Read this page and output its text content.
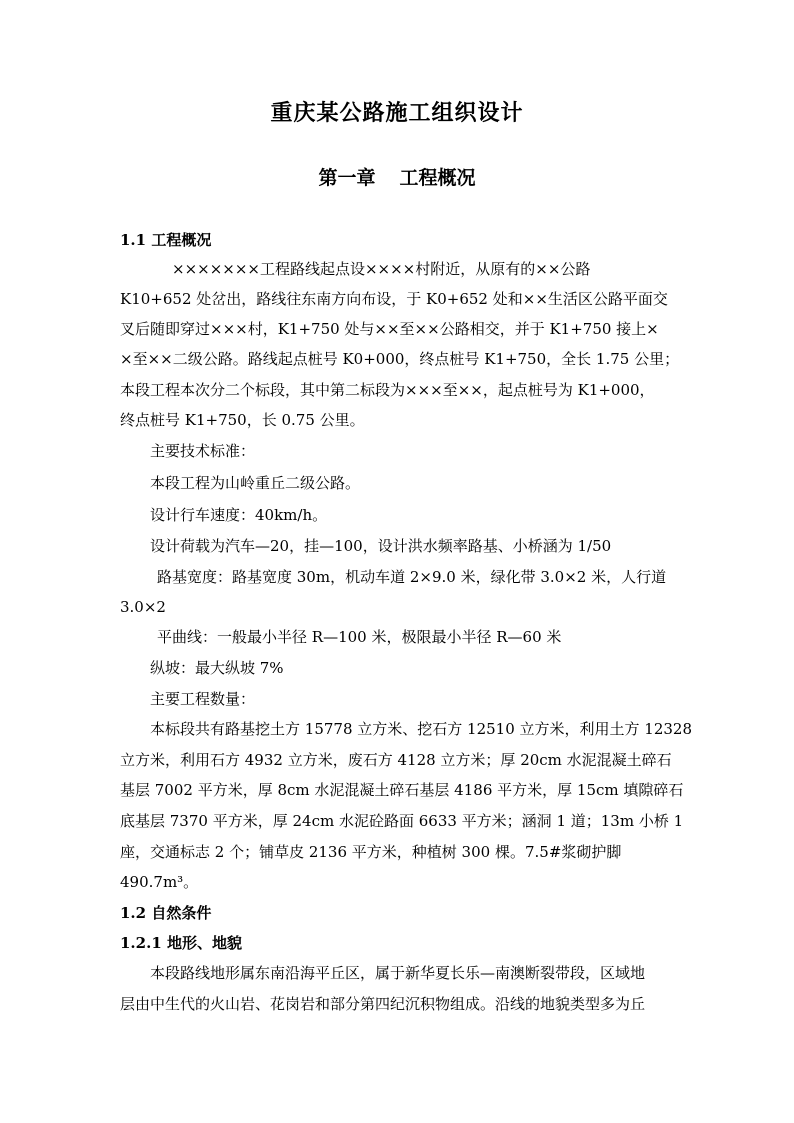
重庆某公路施工组织设计
第一章 工程概况
1.1 工程概况
×××××××工程路线起点设××××村附近，从原有的××公路
K10+652 处岔出，路线往东南方向布设，于 K0+652 处和××生活区公路平面交
叉后随即穿过×××村，K1+750 处与××至××公路相交，并于 K1+750 接上×
×至××二级公路。路线起点桩号 K0+000，终点桩号 K1+750，全长 1.75 公里；
本段工程本次分二个标段，其中第二标段为×××至××，起点桩号为 K1+000，
终点桩号 K1+750，长 0.75 公里。
主要技术标准：
本段工程为山岭重丘二级公路。
设计行车速度：40km/h。
设计荷载为汽车—20，挂—100，设计洪水频率路基、小桥涵为 1/50
路基宽度：路基宽度 30m，机动车道 2×9.0 米，绿化带 3.0×2 米，人行道
3.0×2
平曲线：一般最小半径 R—100 米，极限最小半径 R—60 米
纵坡：最大纵坡 7%
主要工程数量：
本标段共有路基挖土方 15778 立方米、挖石方 12510 立方米，利用土方 12328
立方米，利用石方 4932 立方米，废石方 4128 立方米；厚 20cm 水泥混凝土碎石
基层 7002 平方米，厚 8cm 水泥混凝土碎石基层 4186 平方米，厚 15cm 填隙碎石
底基层 7370 平方米，厚 24cm 水泥砼路面 6633 平方米；涵洞 1 道；13m 小桥 1
座，交通标志 2 个；铺草皮 2136 平方米，种植树 300 棵。7.5#浆砌护脚
490.7m³。
1.2 自然条件
1.2.1 地形、地貌
本段路线地形属东南沿海平丘区，属于新华夏长乐—南澳断裂带段，区域地
层由中生代的火山岩、花岗岩和部分第四纪沉积物组成。沿线的地貌类型多为丘
